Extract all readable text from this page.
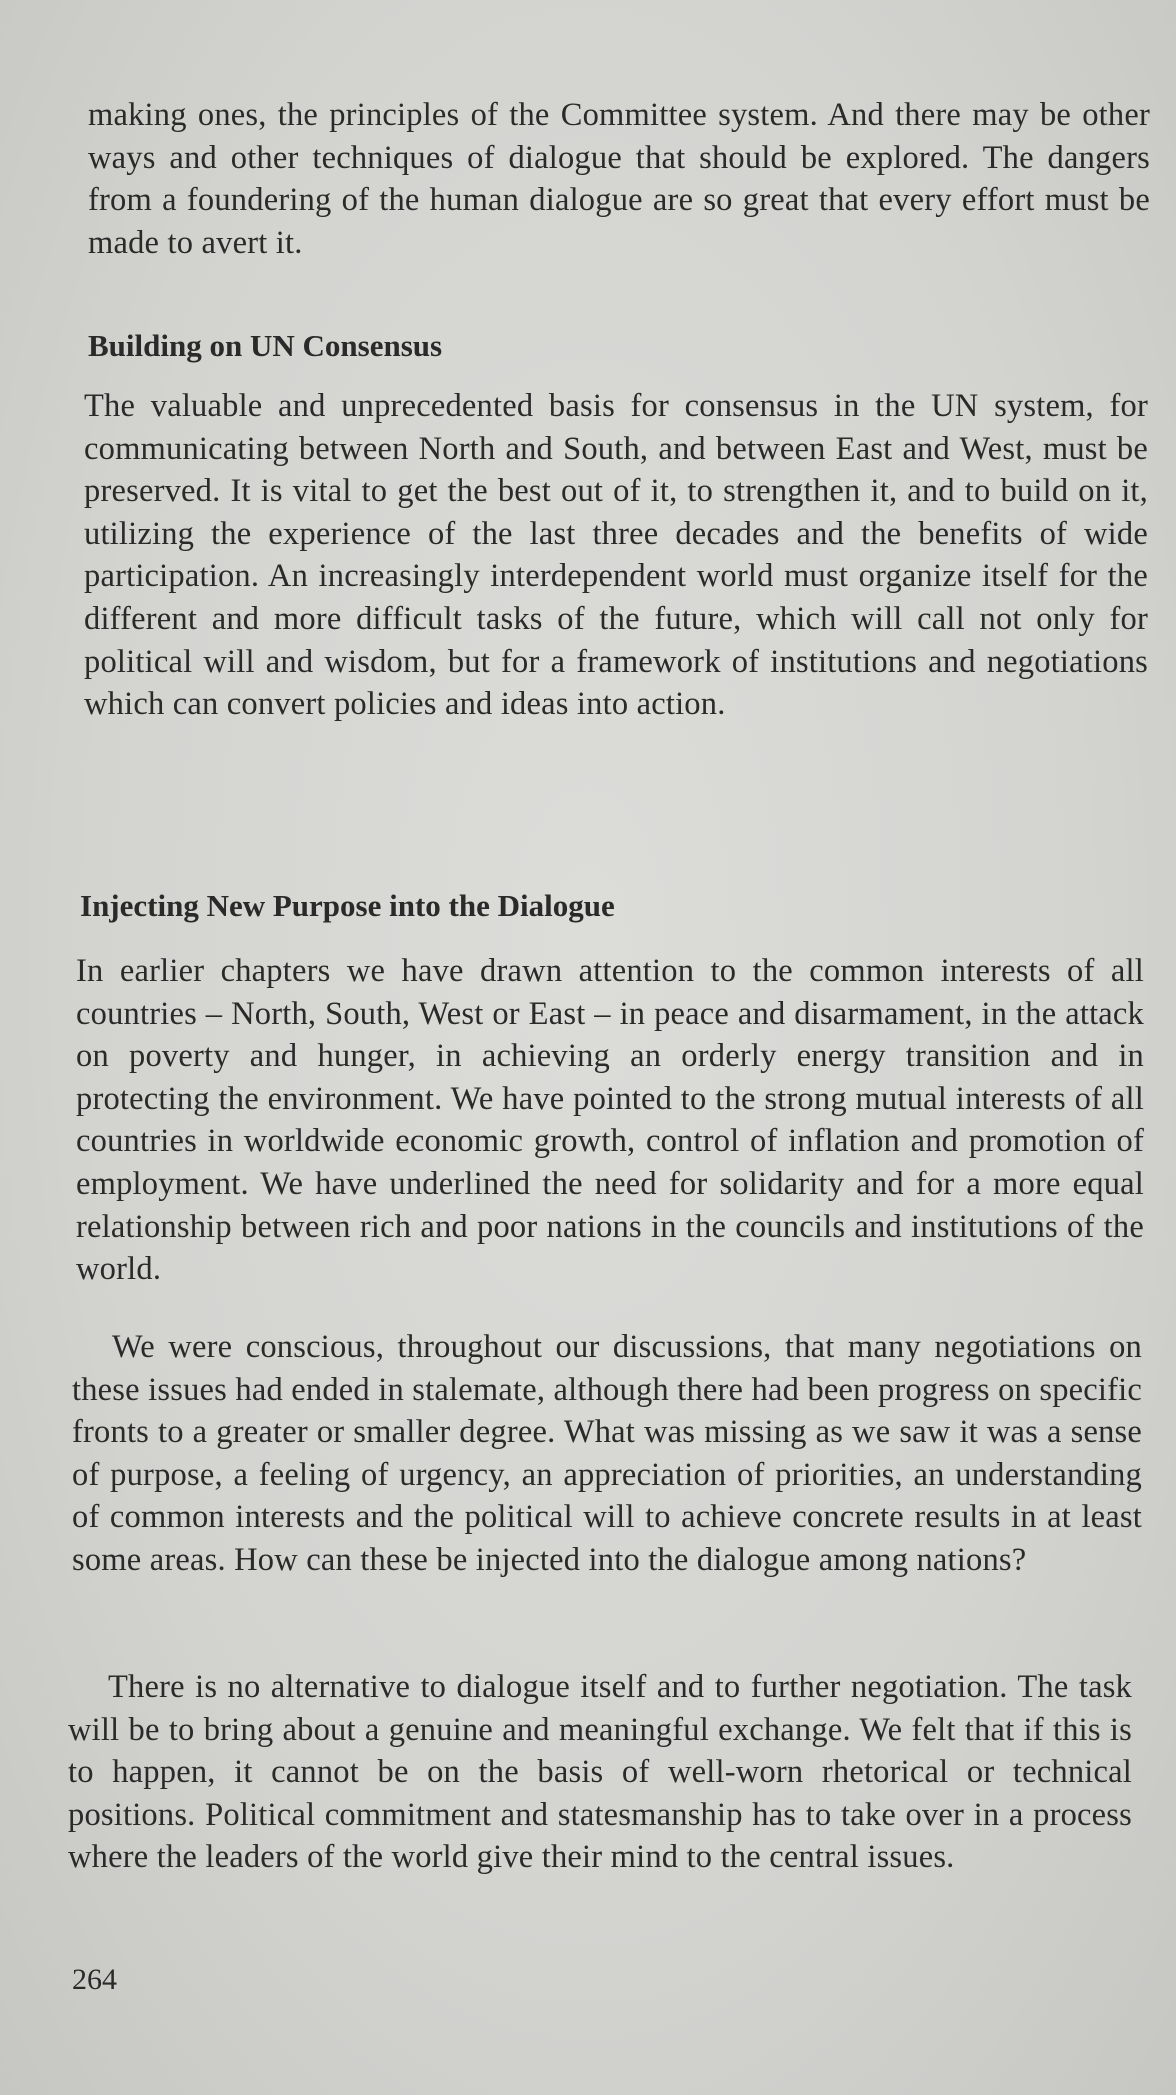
making ones, the principles of the Committee system. And there may be other ways and other techniques of dialogue that should be explored. The dangers from a foundering of the human dialogue are so great that every effort must be made to avert it.

Building on UN Consensus

The valuable and unprecedented basis for consensus in the UN system, for communicating between North and South, and between East and West, must be preserved. It is vital to get the best out of it, to strengthen it, and to build on it, utilizing the experience of the last three decades and the benefits of wide participation. An increasingly interdependent world must organize itself for the different and more difficult tasks of the future, which will call not only for political will and wisdom, but for a framework of institutions and negotiations which can convert policies and ideas into action.

Injecting New Purpose into the Dialogue

In earlier chapters we have drawn attention to the common interests of all countries – North, South, West or East – in peace and disarmament, in the attack on poverty and hunger, in achieving an orderly energy transition and in protecting the environment. We have pointed to the strong mutual interests of all countries in worldwide economic growth, control of inflation and promotion of employment. We have underlined the need for solidarity and for a more equal relationship between rich and poor nations in the councils and institutions of the world.

We were conscious, throughout our discussions, that many negotiations on these issues had ended in stalemate, although there had been progress on specific fronts to a greater or smaller degree. What was missing as we saw it was a sense of purpose, a feeling of urgency, an appreciation of priorities, an understanding of common interests and the political will to achieve concrete results in at least some areas. How can these be injected into the dialogue among nations?

There is no alternative to dialogue itself and to further negotiation. The task will be to bring about a genuine and meaningful exchange. We felt that if this is to happen, it cannot be on the basis of well-worn rhetorical or technical positions. Political commitment and statesmanship has to take over in a process where the leaders of the world give their mind to the central issues.

264
